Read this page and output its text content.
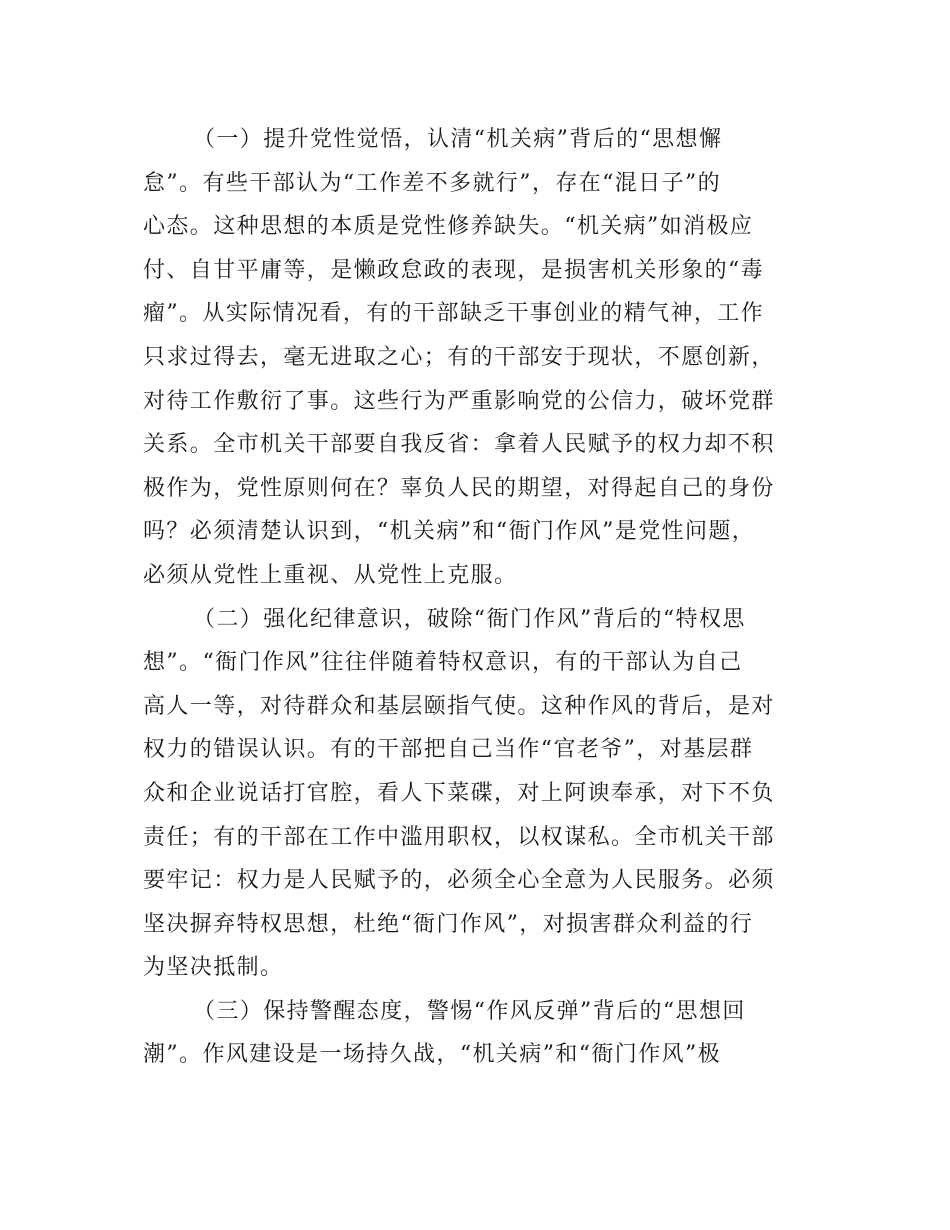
（一）提升党性觉悟，认清“机关病”背后的“思想懈
怠”。有些干部认为“工作差不多就行”，存在“混日子”的
心态。这种思想的本质是党性修养缺失。“机关病”如消极应
付、自甘平庸等，是懒政怠政的表现，是损害机关形象的“毒
瘤”。从实际情况看，有的干部缺乏干事创业的精气神，工作
只求过得去，毫无进取之心；有的干部安于现状，不愿创新，
对待工作敷衍了事。这些行为严重影响党的公信力，破坏党群
关系。全市机关干部要自我反省：拿着人民赋予的权力却不积
极作为，党性原则何在？辜负人民的期望，对得起自己的身份
吗？必须清楚认识到，“机关病”和“衙门作风”是党性问题，
必须从党性上重视、从党性上克服。

（二）强化纪律意识，破除“衙门作风”背后的“特权思
想”。“衙门作风”往往伴随着特权意识，有的干部认为自己
高人一等，对待群众和基层颐指气使。这种作风的背后，是对
权力的错误认识。有的干部把自己当作“官老爷”，对基层群
众和企业说话打官腔，看人下菜碟，对上阿谀奉承，对下不负
责任；有的干部在工作中滥用职权，以权谋私。全市机关干部
要牢记：权力是人民赋予的，必须全心全意为人民服务。必须
坚决摒弃特权思想，杜绝“衙门作风”，对损害群众利益的行
为坚决抵制。

（三）保持警醒态度，警惕“作风反弹”背后的“思想回
潮”。作风建设是一场持久战，“机关病”和“衙门作风”极
